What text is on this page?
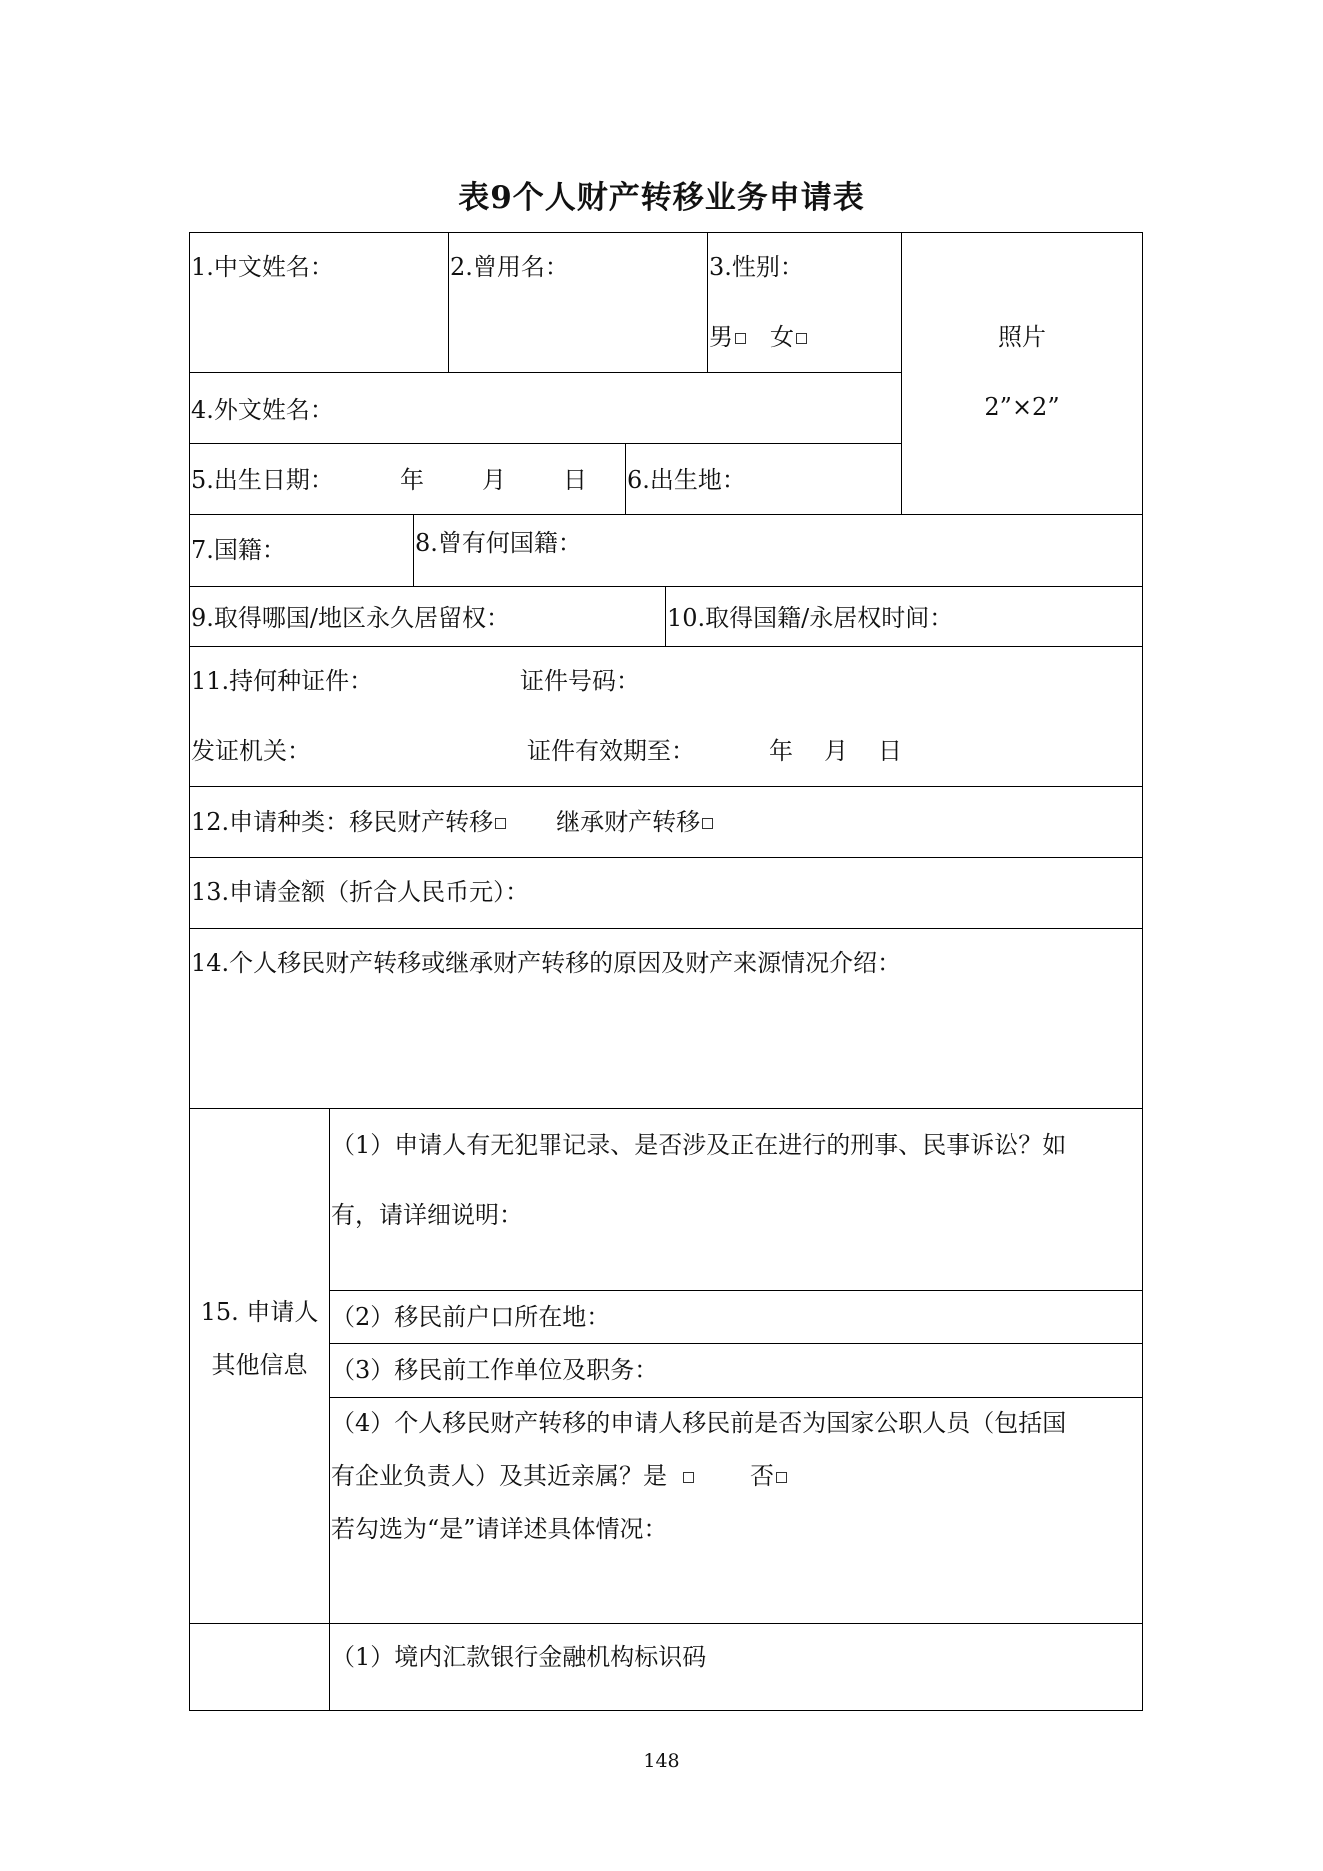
表9个人财产转移业务申请表
1.中文姓名：	2.曾用名：	3.性别：
男 女	照片
2”×2”
4.外文姓名：
5.出生日期：	年 月 日 6.出生地：
7.国籍：	8.曾有何国籍：
9.取得哪国/地区永久居留权：	10.取得国籍/永居权时间：
11.持何种证件：	证件号码：
发证机关：	证件有效期至：	年 月 日
12.申请种类：移民财产转移	继承财产转移
13.申请金额（折合人民币元）：
14.个人移民财产转移或继承财产转移的原因及财产来源情况介绍：
15. 申请人
其他信息
（1）申请人有无犯罪记录、是否涉及正在进行的刑事、民事诉讼？如
有，请详细说明：
（2）移民前户口所在地：
（3）移民前工作单位及职务：
（4）个人移民财产转移的申请人移民前是否为国家公职人员（包括国
有企业负责人）及其近亲属？是	否
若勾选为“是”请详述具体情况：
（1）境内汇款银行金融机构标识码
148
